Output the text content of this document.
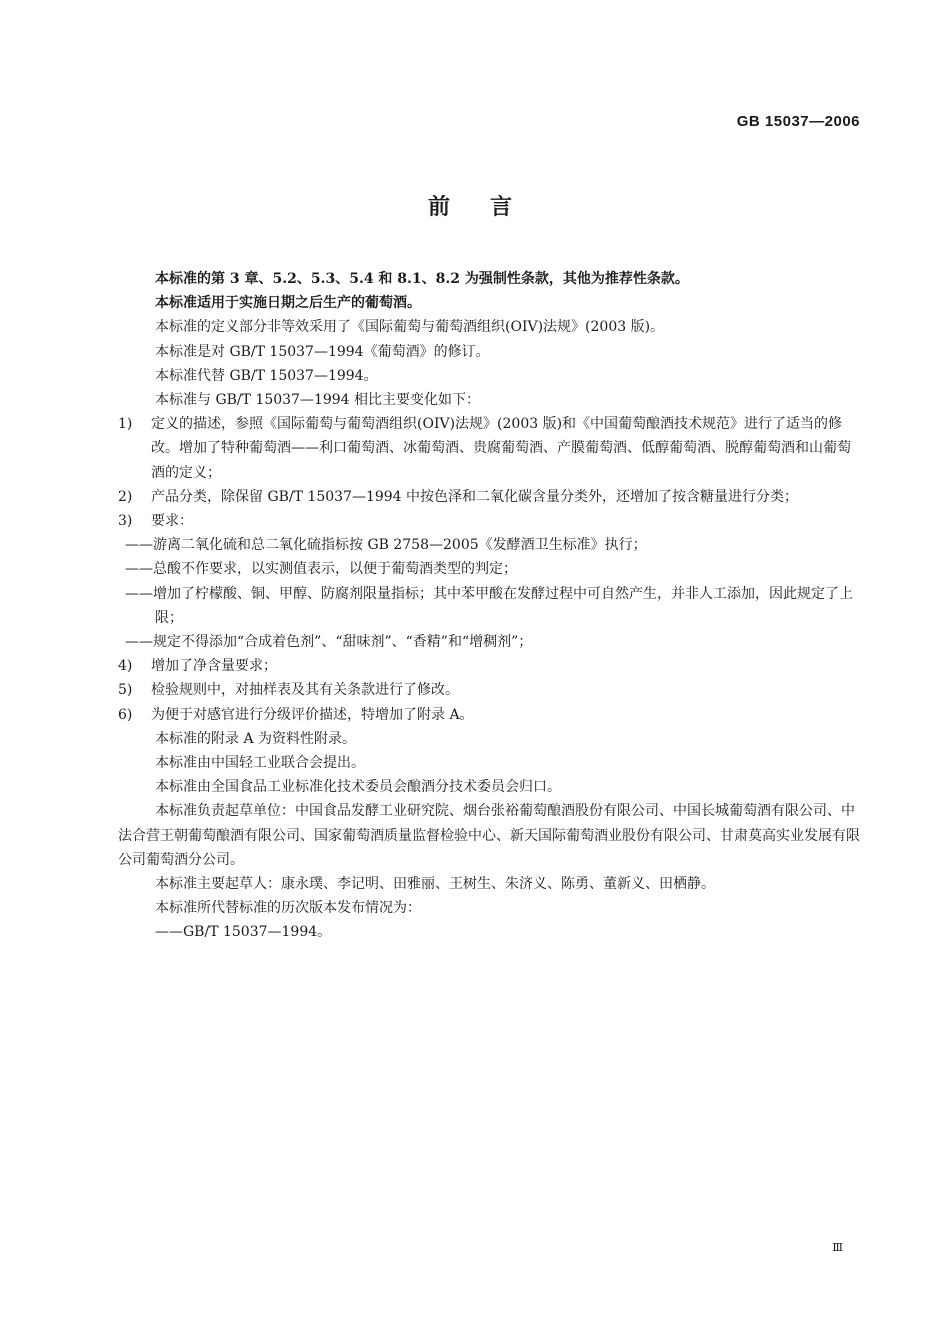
GB 15037—2006

前言

本标准的第 3 章、5.2、5.3、5.4 和 8.1、8.2 为强制性条款，其他为推荐性条款。

本标准适用于实施日期之后生产的葡萄酒。

本标准的定义部分非等效采用了《国际葡萄与葡萄酒组织(OIV)法规》(2003 版)。

本标准是对 GB/T 15037—1994《葡萄酒》的修订。

本标准代替 GB/T 15037—1994。

本标准与 GB/T 15037—1994 相比主要变化如下：

1)	定义的描述，参照《国际葡萄与葡萄酒组织(OIV)法规》(2003 版)和《中国葡萄酿酒技术规范》进行了适当的修改。增加了特种葡萄酒——利口葡萄酒、冰葡萄酒、贵腐葡萄酒、产膜葡萄酒、低醇葡萄酒、脱醇葡萄酒和山葡萄酒的定义；
2)	产品分类，除保留 GB/T 15037—1994 中按色泽和二氧化碳含量分类外，还增加了按含糖量进行分类；
3)	要求：

——游离二氧化硫和总二氧化硫指标按 GB 2758—2005《发酵酒卫生标准》执行；

——总酸不作要求，以实测值表示，以便于葡萄酒类型的判定；

——增加了柠檬酸、铜、甲醇、防腐剂限量指标；其中苯甲酸在发酵过程中可自然产生，并非人工添加，因此规定了上限；

——规定不得添加“合成着色剂”、“甜味剂”、“香精”和“增稠剂”；

4)	增加了净含量要求；
5)	检验规则中，对抽样表及其有关条款进行了修改。
6)	为便于对感官进行分级评价描述，特增加了附录 A。

本标准的附录 A 为资料性附录。

本标准由中国轻工业联合会提出。

本标准由全国食品工业标准化技术委员会酿酒分技术委员会归口。

本标准负责起草单位：中国食品发酵工业研究院、烟台张裕葡萄酿酒股份有限公司、中国长城葡萄酒有限公司、中法合营王朝葡萄酿酒有限公司、国家葡萄酒质量监督检验中心、新天国际葡萄酒业股份有限公司、甘肃莫高实业发展有限公司葡萄酒分公司。

本标准主要起草人：康永璞、李记明、田雅丽、王树生、朱济义、陈勇、董新义、田栖静。

本标准所代替标准的历次版本发布情况为：

——GB/T 15037—1994。

Ⅲ
